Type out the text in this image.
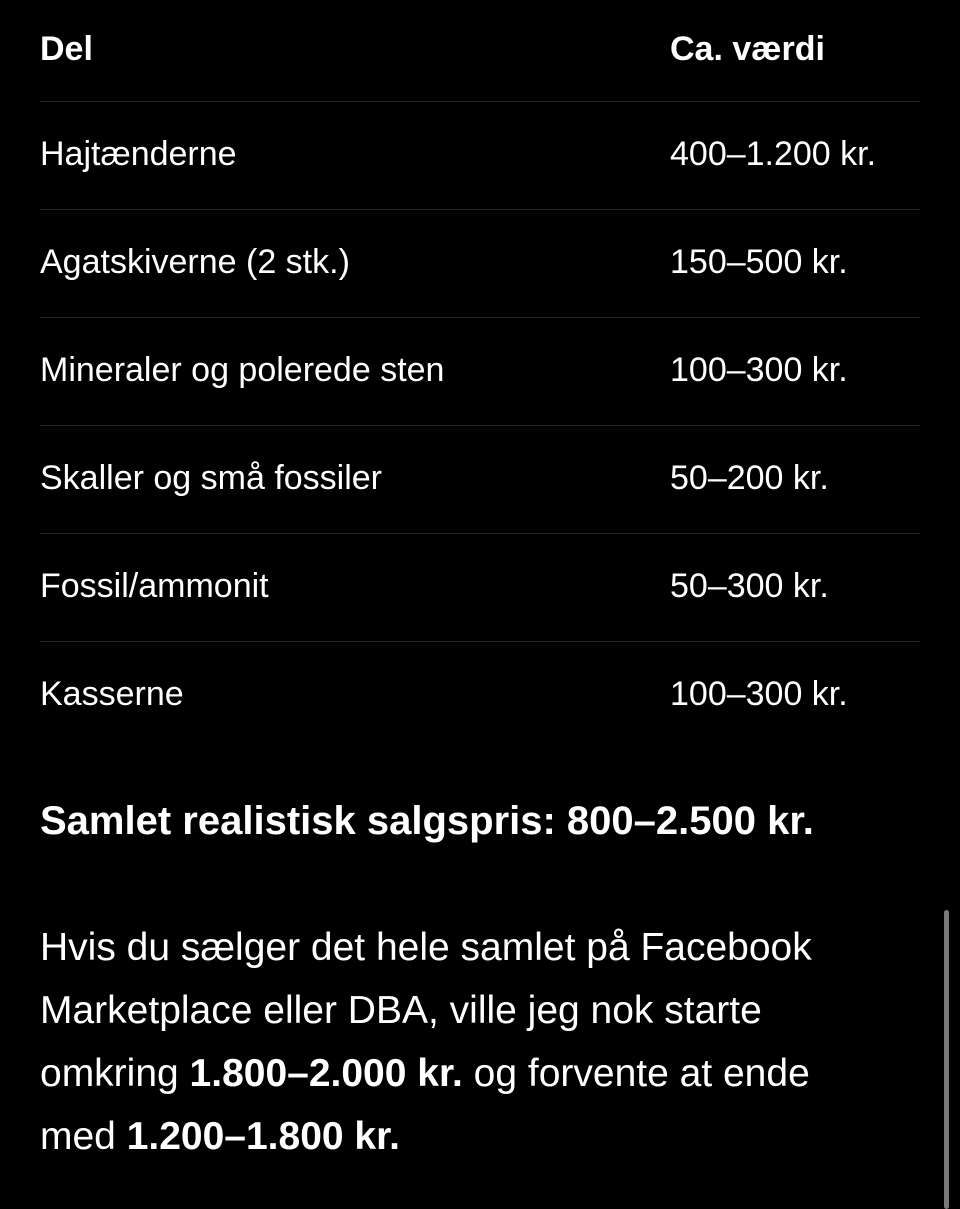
Del	Ca. værdi
Hajtænderne	400–1.200 kr.
Agatskiverne (2 stk.)	150–500 kr.
Mineraler og polerede sten	100–300 kr.
Skaller og små fossiler	50–200 kr.
Fossil/ammonit	50–300 kr.
Kasserne	100–300 kr.
Samlet realistisk salgspris: 800–2.500 kr.
Hvis du sælger det hele samlet på Facebook
Marketplace eller DBA, ville jeg nok starte
omkring 1.800–2.000 kr. og forvente at ende
med 1.200–1.800 kr.
